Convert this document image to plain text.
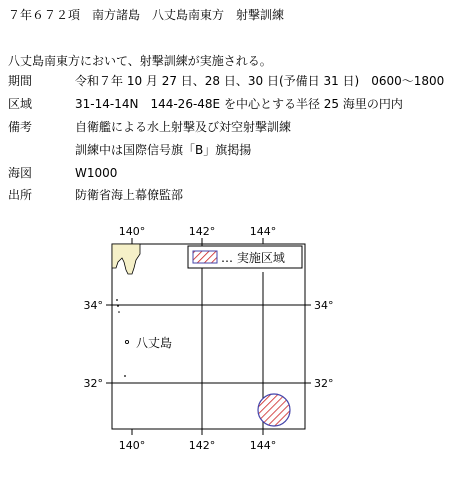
７年６７２項　南方諸島　八丈島南東方　射撃訓練
八丈島南東方において、射撃訓練が実施される。
期間	令和７年 10 月 27 日、28 日、30 日(予備日 31 日)　0600～1800
区域	31-14-14N　144-26-48E を中心とする半径 25 海里の円内
備考	自衛艦による水上射撃及び対空射撃訓練
訓練中は国際信号旗「B」旗掲揚
海図	W1000
出所	防衛省海上幕僚監部
… 実施区域
140°	142°	144°
140°	142°	144°
34°	34°
32°	32°
八丈島
